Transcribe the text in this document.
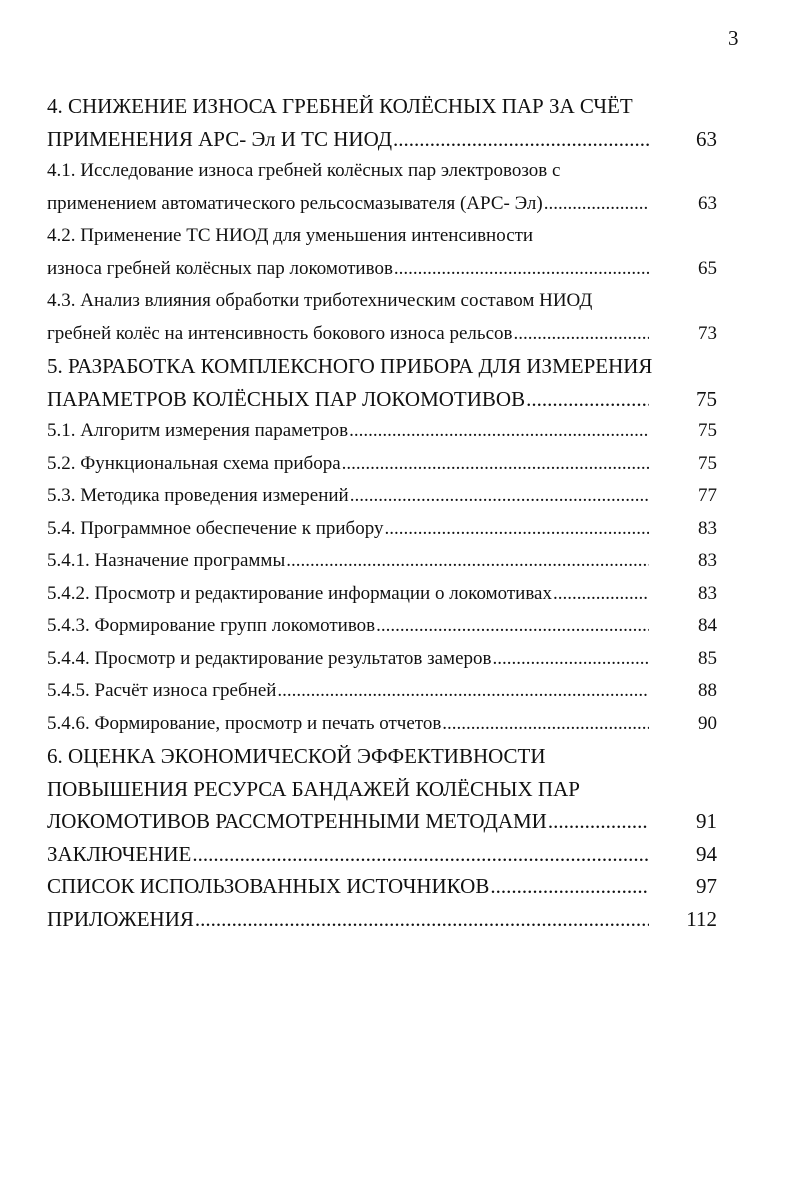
3
4. СНИЖЕНИЕ ИЗНОСА ГРЕБНЕЙ КОЛЁСНЫХ ПАР ЗА СЧЁТ
ПРИМЕНЕНИЯ АРС- Эл И ТС НИОД .....	63
4.1. Исследование износа гребней колёсных пар электровозов с
применением автоматического рельсосмазывателя (АРС- Эл) .....	63
4.2. Применение ТС НИОД для уменьшения интенсивности
износа гребней колёсных пар локомотивов .....	65
4.3. Анализ влияния обработки триботехническим составом НИОД
гребней колёс на интенсивность бокового износа рельсов .....	73
5. РАЗРАБОТКА КОМПЛЕКСНОГО ПРИБОРА ДЛЯ ИЗМЕРЕНИЯ
ПАРАМЕТРОВ КОЛЁСНЫХ ПАР ЛОКОМОТИВОВ .....	75
5.1. Алгоритм измерения параметров .....	75
5.2. Функциональная схема прибора .....	75
5.3. Методика проведения измерений .....	77
5.4. Программное обеспечение к прибору .....	83
5.4.1. Назначение программы .....	83
5.4.2. Просмотр и редактирование информации о локомотивах .....	83
5.4.3. Формирование групп локомотивов .....	84
5.4.4. Просмотр и редактирование результатов замеров .....	85
5.4.5. Расчёт износа гребней .....	88
5.4.6. Формирование, просмотр и печать отчетов .....	90
6. ОЦЕНКА ЭКОНОМИЧЕСКОЙ ЭФФЕКТИВНОСТИ
ПОВЫШЕНИЯ РЕСУРСА БАНДАЖЕЙ КОЛЁСНЫХ ПАР
ЛОКОМОТИВОВ РАССМОТРЕННЫМИ МЕТОДАМИ .....	91
ЗАКЛЮЧЕНИЕ .....	94
СПИСОК ИСПОЛЬЗОВАННЫХ ИСТОЧНИКОВ .....	97
ПРИЛОЖЕНИЯ .....	112
